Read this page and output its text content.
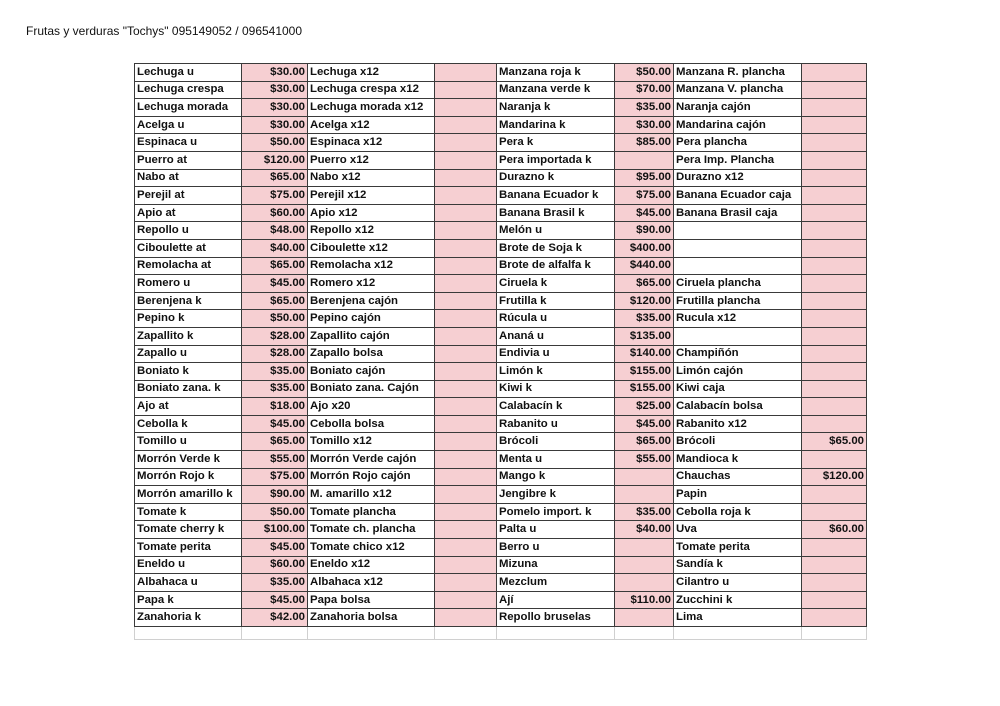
Frutas y verduras "Tochys" 095149052 / 096541000
Lechuga u	$30.00	Lechuga x12		Manzana roja k	$50.00	Manzana R. plancha	
Lechuga crespa	$30.00	Lechuga crespa x12		Manzana verde k	$70.00	Manzana V. plancha	
Lechuga morada	$30.00	Lechuga morada x12		Naranja k	$35.00	Naranja cajón	
Acelga u	$30.00	Acelga x12		Mandarina k	$30.00	Mandarina cajón	
Espinaca u	$50.00	Espinaca x12		Pera k	$85.00	Pera plancha	
Puerro at	$120.00	Puerro x12		Pera importada k		Pera Imp. Plancha	
Nabo at	$65.00	Nabo x12		Durazno k	$95.00	Durazno x12	
Perejil at	$75.00	Perejil x12		Banana Ecuador k	$75.00	Banana Ecuador caja	
Apio at	$60.00	Apio x12		Banana Brasil k	$45.00	Banana Brasil caja	
Repollo u	$48.00	Repollo x12		Melón u	$90.00		
Ciboulette at	$40.00	Ciboulette x12		Brote de Soja k	$400.00		
Remolacha at	$65.00	Remolacha x12		Brote de alfalfa k	$440.00		
Romero u	$45.00	Romero x12		Ciruela k	$65.00	Ciruela plancha	
Berenjena k	$65.00	Berenjena cajón		Frutilla k	$120.00	Frutilla plancha	
Pepino k	$50.00	Pepino cajón		Rúcula u	$35.00	Rucula x12	
Zapallito k	$28.00	Zapallito cajón		Ananá u	$135.00		
Zapallo u	$28.00	Zapallo bolsa		Endivia u	$140.00	Champiñón	
Boniato k	$35.00	Boniato cajón		Limón k	$155.00	Limón cajón	
Boniato zana. k	$35.00	Boniato zana. Cajón		Kiwi k	$155.00	Kiwi caja	
Ajo at	$18.00	Ajo x20		Calabacín k	$25.00	Calabacín bolsa	
Cebolla k	$45.00	Cebolla bolsa		Rabanito u	$45.00	Rabanito x12	
Tomillo u	$65.00	Tomillo x12		Brócoli	$65.00	Brócoli	$65.00
Morrón Verde k	$55.00	Morrón Verde cajón		Menta u	$55.00	Mandioca k	
Morrón Rojo k	$75.00	Morrón Rojo cajón		Mango k		Chauchas	$120.00
Morrón amarillo k	$90.00	M. amarillo x12		Jengibre k		Papin	
Tomate k	$50.00	Tomate plancha		Pomelo import. k	$35.00	Cebolla roja k	
Tomate cherry k	$100.00	Tomate ch. plancha		Palta u	$40.00	Uva	$60.00
Tomate perita	$45.00	Tomate chico x12		Berro u		Tomate perita	
Eneldo u	$60.00	Eneldo x12		Mizuna		Sandía k	
Albahaca u	$35.00	Albahaca x12		Mezclum		Cilantro u	
Papa k	$45.00	Papa bolsa		Ají	$110.00	Zucchini k	
Zanahoria k	$42.00	Zanahoria bolsa		Repollo bruselas		Lima	
